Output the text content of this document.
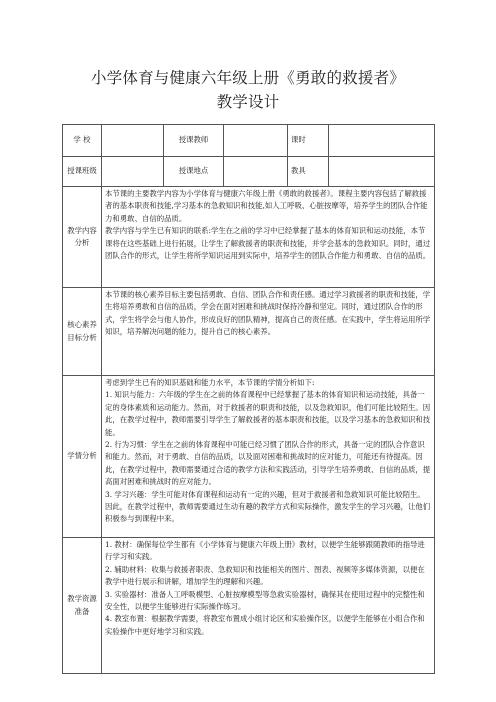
小学体育与健康六年级上册《勇敢的救援者》
教学设计
学 校		授课教师		课时	
授课班级		授课地点		教具	
教学内容分析	本节课的主要教学内容为小学体育与健康六年级上册《勇敢的救援者》。课程主要内容包括了解救援者的基本职责和技能,学习基本的急救知识和技能,如人工呼吸、心脏按摩等，培养学生的团队合作能力和勇敢、自信的品质。

教学内容与学生已有知识的联系:学生在之前的学习中已经掌握了基本的体育知识和运动技能，本节课将在这些基础上进行拓展，让学生了解救援者的职责和技能，并学会基本的急救知识。同时，通过团队合作的形式，让学生将所学知识运用到实际中，培养学生的团队合作能力和勇敢、自信的品质。				

核心素养目标分析	本节课的核心素养目标主要包括勇敢、自信、团队合作和责任感。通过学习救援者的职责和技能，学生将培养勇敢和自信的品质，学会在面对困难和挑战时保持冷静和坚定。同时，通过团队合作的形式，学生将学会与他人协作，形成良好的团队精神，提高自己的责任感。在实践中，学生将运用所学知识，培养解决问题的能力，提升自己的核心素养。				

学情分析	考虑到学生已有的知识基础和能力水平，本节课的学情分析如下:

1. 知识与能力：六年级的学生在之前的体育课程中已经掌握了基本的体育知识和运动技能，具备一定的身体素质和运动能力。然而，对于救援者的职责和技能，以及急救知识，他们可能比较陌生。因此，在教学过程中，教师需要引导学生了解救援者的基本职责和技能，以及学习基本的急救知识和技能。

2. 行为习惯：学生在之前的体育课程中可能已经习惯了团队合作的形式，具备一定的团队合作意识和能力。然而，对于勇敢、自信的品质，以及面对困难和挑战时的应对能力，可能还有待提高。因此，在教学过程中，教师需要通过合适的教学方法和实践活动，引导学生培养勇敢、自信的品质，提高面对困难和挑战时的应对能力。

3. 学习兴趣：学生可能对体育课程和运动有一定的兴趣，但对于救援者和急救知识可能比较陌生。因此，在教学过程中，教师需要通过生动有趣的教学方式和实际操作，激发学生的学习兴趣，让他们积极参与到课程中来。				

教学资源准备	1. 教材：确保每位学生都有《小学体育与健康六年级上册》教材，以便学生能够跟随教师的指导进行学习和实践。

2. 辅助材料：收集与救援者职责、急救知识和技能相关的图片、图表、视频等多媒体资源，以便在教学中进行展示和讲解，增加学生的理解和兴趣。

3. 实验器材：准备人工呼吸模型、心脏按摩模型等急救实验器材，确保其在使用过程中的完整性和安全性，以便学生能够进行实际操作练习。

4. 教室布置：根据教学需要，将教室布置成小组讨论区和实验操作区，以便学生能够在小组合作和实验操作中更好地学习和实践。				
